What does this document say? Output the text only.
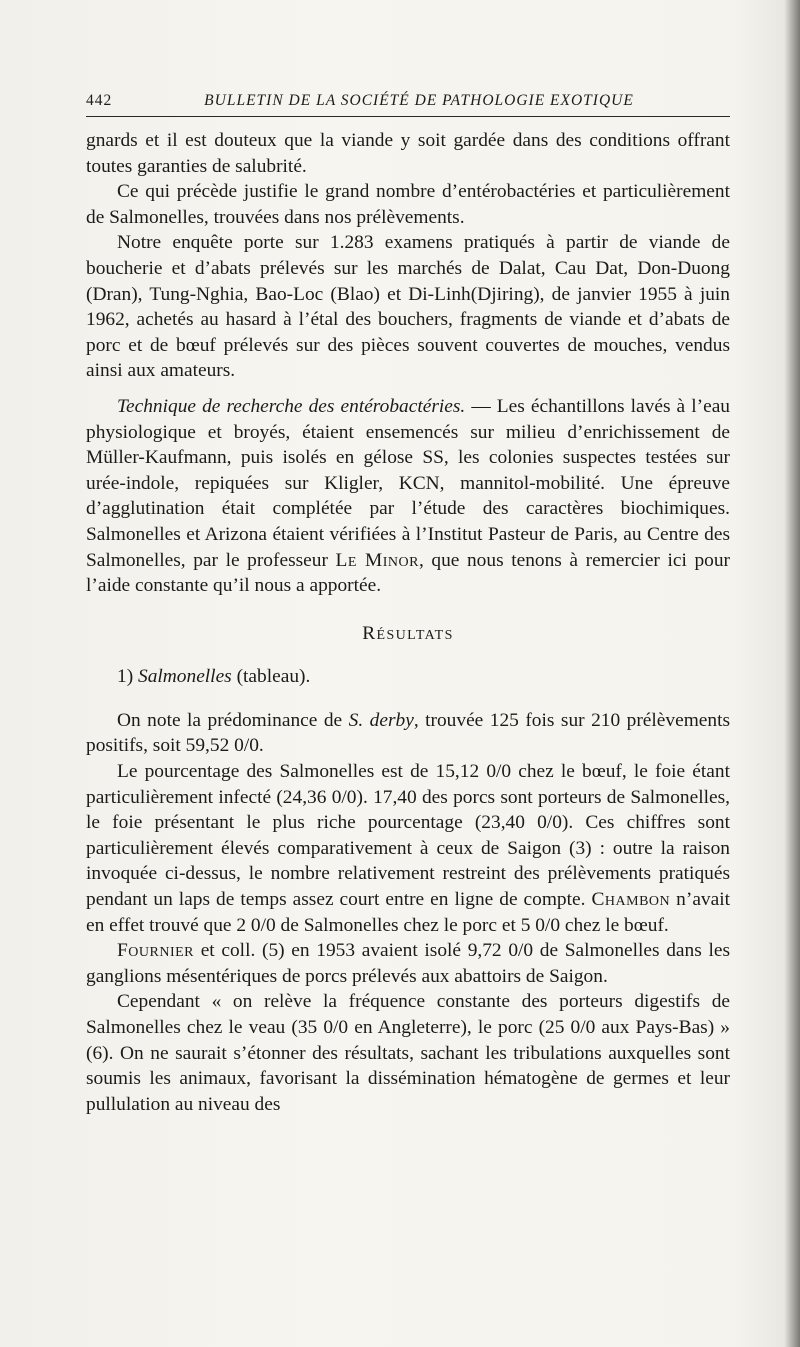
442	BULLETIN DE LA SOCIÉTÉ DE PATHOLOGIE EXOTIQUE

gnards et il est douteux que la viande y soit gardée dans des conditions offrant toutes garanties de salubrité.

Ce qui précède justifie le grand nombre d’entérobactéries et particulièrement de Salmonelles, trouvées dans nos prélèvements.

Notre enquête porte sur 1.283 examens pratiqués à partir de viande de boucherie et d’abats prélevés sur les marchés de Dalat, Cau Dat, Don-Duong (Dran), Tung-Nghia, Bao-Loc (Blao) et Di-Linh(Djiring), de janvier 1955 à juin 1962, achetés au hasard à l’étal des bouchers, fragments de viande et d’abats de porc et de bœuf prélevés sur des pièces souvent couvertes de mouches, vendus ainsi aux amateurs.

Technique de recherche des entérobactéries. — Les échantillons lavés à l’eau physiologique et broyés, étaient ensemencés sur milieu d’enrichissement de Müller-Kaufmann, puis isolés en gélose SS, les colonies suspectes testées sur urée-indole, repiquées sur Kligler, KCN, mannitol-mobilité. Une épreuve d’agglutination était complétée par l’étude des caractères biochimiques. Salmonelles et Arizona étaient vérifiées à l’Institut Pasteur de Paris, au Centre des Salmonelles, par le professeur Le Minor, que nous tenons à remercier ici pour l’aide constante qu’il nous a apportée.

Résultats

1) Salmonelles (tableau).

On note la prédominance de S. derby, trouvée 125 fois sur 210 prélèvements positifs, soit 59,52 0/0.

Le pourcentage des Salmonelles est de 15,12 0/0 chez le bœuf, le foie étant particulièrement infecté (24,36 0/0). 17,40 des porcs sont porteurs de Salmonelles, le foie présentant le plus riche pourcentage (23,40 0/0). Ces chiffres sont particulièrement élevés comparativement à ceux de Saigon (3) : outre la raison invoquée ci-dessus, le nombre relativement restreint des prélèvements pratiqués pendant un laps de temps assez court entre en ligne de compte. Chambon n’avait en effet trouvé que 2 0/0 de Salmonelles chez le porc et 5 0/0 chez le bœuf.

Fournier et coll. (5) en 1953 avaient isolé 9,72 0/0 de Salmonelles dans les ganglions mésentériques de porcs prélevés aux abattoirs de Saigon.

Cependant « on relève la fréquence constante des porteurs digestifs de Salmonelles chez le veau (35 0/0 en Angleterre), le porc (25 0/0 aux Pays-Bas) » (6). On ne saurait s’étonner des résultats, sachant les tribulations auxquelles sont soumis les animaux, favorisant la dissémination hématogène de germes et leur pullulation au niveau des
